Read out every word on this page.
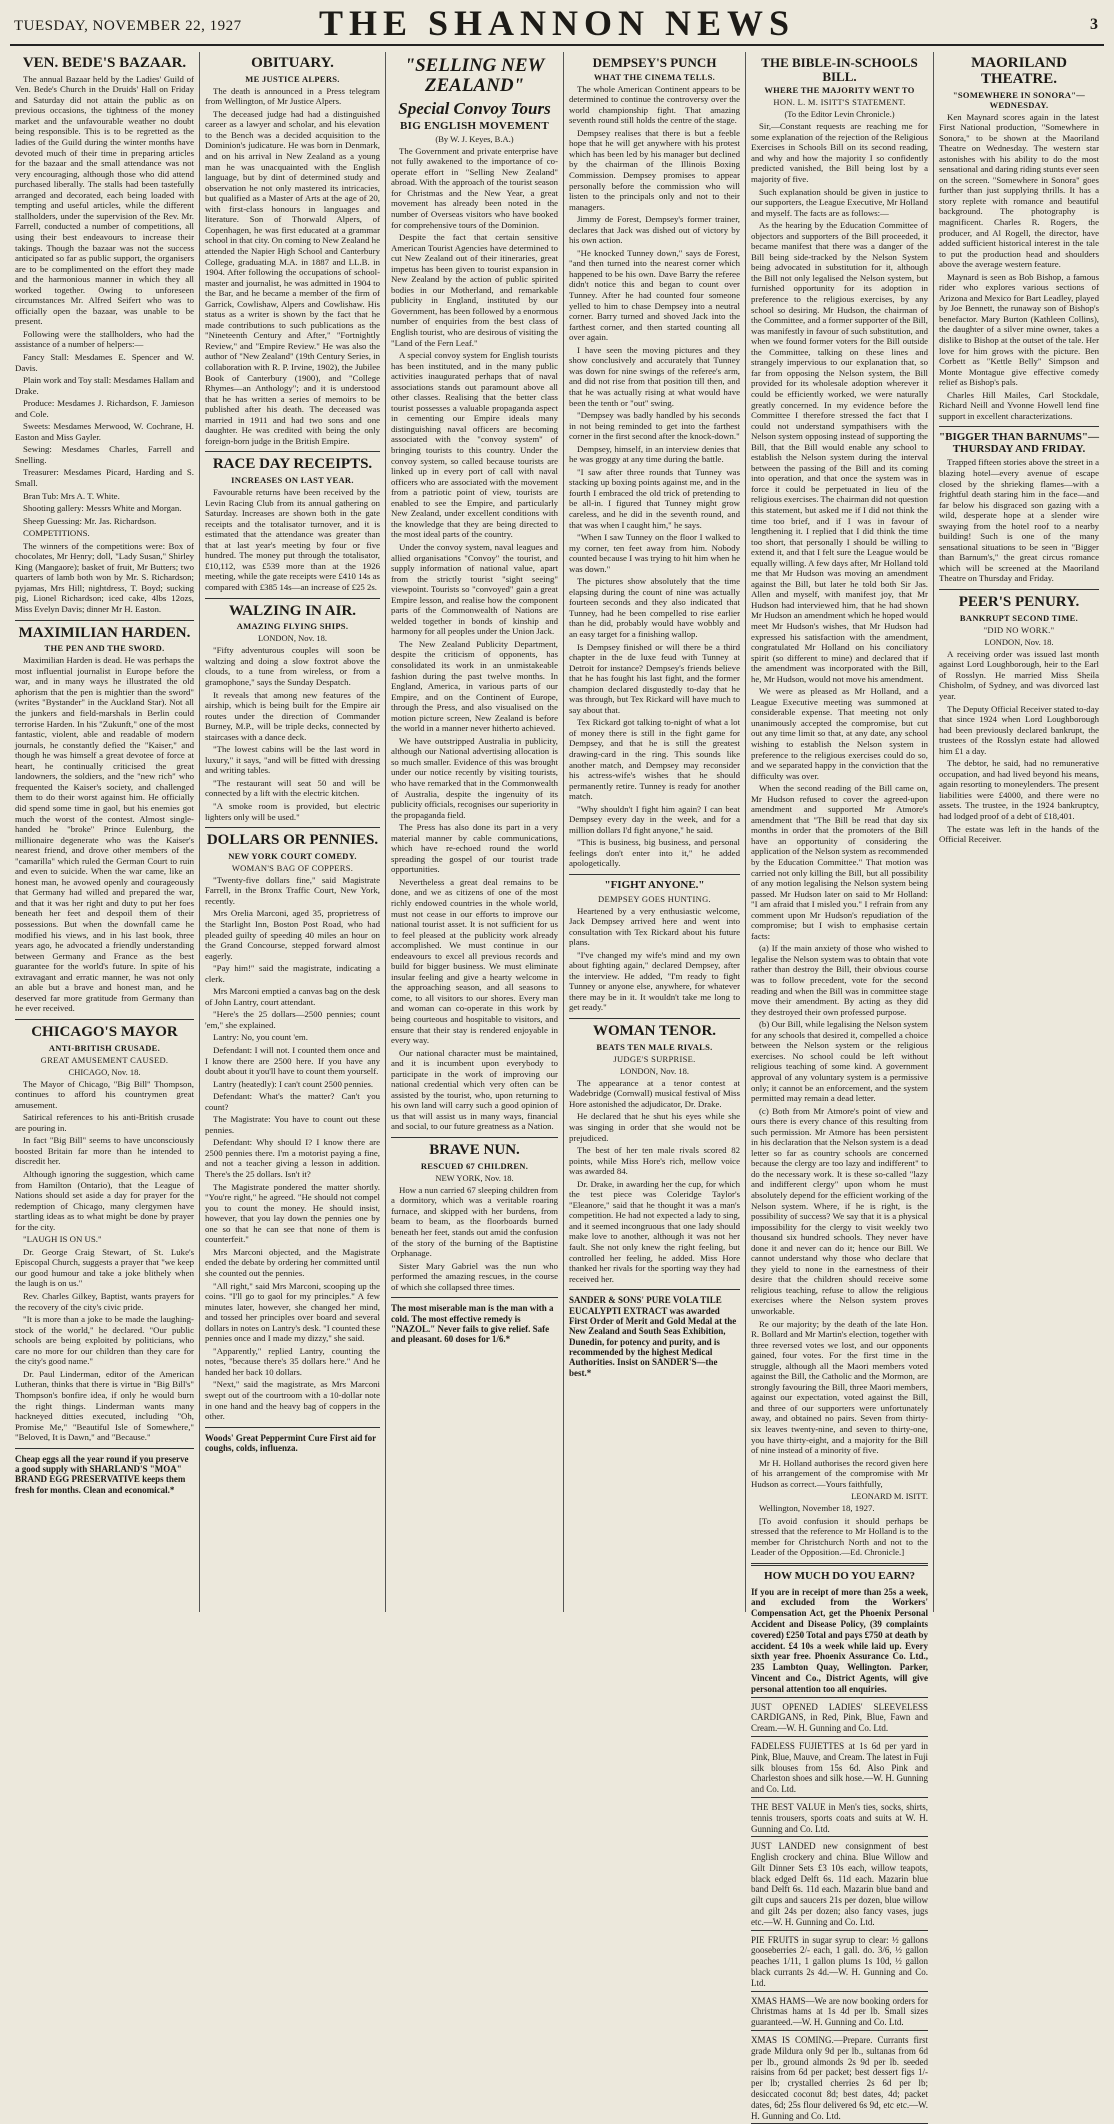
TUESDAY, NOVEMBER 22, 1927	THE SHANNON NEWS	3
VEN. BEDE'S BAZAAR.

The annual Bazaar held by the Ladies' Guild of Ven. Bede's Church in the Druids' Hall on Friday and Saturday did not attain the public as on previous occasions, the tightness of the money market and the unfavourable weather no doubt being responsible. This is to be regretted as the ladies of the Guild during the winter months have devoted much of their time in preparing articles for the bazaar and the small attendance was not very encouraging, although those who did attend purchased liberally. The stalls had been tastefully arranged and decorated, each being loaded with tempting and useful articles, while the different stallholders, under the supervision of the Rev. Mr. Farrell, conducted a number of competitions, all using their best endeavours to increase their takings. Though the bazaar was not the success anticipated so far as public support, the organisers are to be complimented on the effort they made and the harmonious manner in which they all worked together. Owing to unforeseen circumstances Mr. Alfred Seifert who was to officially open the bazaar, was unable to be present.

Following were the stallholders, who had the assistance of a number of helpers:—

Fancy Stall: Mesdames E. Spencer and W. Davis.

Plain work and Toy stall: Mesdames Hallam and Drake.

Produce: Mesdames J. Richardson, F. Jamieson and Cole.

Sweets: Mesdames Merwood, W. Cochrane, H. Easton and Miss Gayler.

Sewing: Mesdames Charles, Farrell and Snelling.

Treasurer: Mesdames Picard, Harding and S. Small.

Bran Tub: Mrs A. T. White.

Shooting gallery: Messrs White and Morgan.

Sheep Guessing: Mr. Jas. Richardson.

COMPETITIONS.

The winners of the competitions were: Box of chocolates, Mr Henry; doll, "Lady Susan," Shirley King (Mangaore); basket of fruit, Mr Butters; two quarters of lamb both won by Mr. S. Richardson; pyjamas, Mrs Hill; nightdress, T. Boyd; sucking pig, Lionel Richardson; iced cake, 4lbs 12ozs, Miss Evelyn Davis; dinner Mr H. Easton.

MAXIMILIAN HARDEN.
THE PEN AND THE SWORD.

Maximilian Harden is dead. He was perhaps the most influential journalist in Europe before the war, and in many ways he illustrated the old aphorism that the pen is mightier than the sword" (writes "Bystander" in the Auckland Star). Not all the junkers and field-marshals in Berlin could terrorise Harden. In his "Zukunft," one of the most fantastic, violent, able and readable of modern journals, he constantly defied the "Kaiser," and though he was himself a great devotee of force at heart, he continually criticised the great landowners, the soldiers, and the "new rich" who frequented the Kaiser's society, and challenged them to do their worst against him. He officially did spend some time in gaol, but his enemies got much the worst of the contest. Almost single-handed he "broke" Prince Eulenburg, the millionaire degenerate who was the Kaiser's nearest friend, and drove other members of the "camarilla" which ruled the German Court to ruin and even to suicide. When the war came, like an honest man, he avowed openly and courageously that Germany had willed and prepared the war, and that it was her right and duty to put her foes beneath her feet and despoil them of their possessions. But when the downfall came he modified his views, and in his last book, three years ago, he advocated a friendly understanding between Germany and France as the best guarantee for the world's future. In spite of his extravagant and erratic manner, he was not only an able but a brave and honest man, and he deserved far more gratitude from Germany than he ever received.

CHICAGO'S MAYOR
ANTI-BRITISH CRUSADE.
GREAT AMUSEMENT CAUSED.
CHICAGO, Nov. 18.

The Mayor of Chicago, "Big Bill" Thompson, continues to afford his countrymen great amusement.

Satirical references to his anti-British crusade are pouring in.

In fact "Big Bill" seems to have unconsciously boosted Britain far more than he intended to discredit her.

Although ignoring the suggestion, which came from Hamilton (Ontario), that the League of Nations should set aside a day for prayer for the redemption of Chicago, many clergymen have startling ideas as to what might be done by prayer for the city.

"LAUGH IS ON US."

Dr. George Craig Stewart, of St. Luke's Episcopal Church, suggests a prayer that "we keep our good humour and take a joke blithely when the laugh is on us."

Rev. Charles Gilkey, Baptist, wants prayers for the recovery of the city's civic pride.

"It is more than a joke to be made the laughing-stock of the world," he declared. "Our public schools are being exploited by politicians, who care no more for our children than they care for the city's good name."

Dr. Paul Linderman, editor of the American Lutheran, thinks that there is virtue in "Big Bill's" Thompson's bonfire idea, if only he would burn the right things. Linderman wants many hackneyed ditties executed, including "Oh, Promise Me," "Beautiful Isle of Somewhere," "Beloved, It is Dawn," and "Because."

Cheap eggs all the year round if you preserve a good supply with SHARLAND'S "MOA" BRAND EGG PRESERVATIVE keeps them fresh for months. Clean and economical.*
OBITUARY.
ME JUSTICE ALPERS.

The death is announced in a Press telegram from Wellington, of Mr Justice Alpers.

The deceased judge had had a distinguished career as a lawyer and scholar, and his elevation to the Bench was a decided acquisition to the Dominion's judicature. He was born in Denmark, and on his arrival in New Zealand as a young man he was unacquainted with the English language, but by dint of determined study and observation he not only mastered its intricacies, but qualified as a Master of Arts at the age of 20, with first-class honours in languages and literature. Son of Thorwald Alpers, of Copenhagen, he was first educated at a grammar school in that city. On coming to New Zealand he attended the Napier High School and Canterbury College, graduating M.A. in 1887 and LL.B. in 1904. After following the occupations of school-master and journalist, he was admitted in 1904 to the Bar, and he became a member of the firm of Garrick, Cowlishaw, Alpers and Cowlishaw. His status as a writer is shown by the fact that he made contributions to such publications as the "Nineteenth Century and After," "Fortnightly Review," and "Empire Review." He was also the author of "New Zealand" (19th Century Series, in collaboration with R. P. Irvine, 1902), the Jubilee Book of Canterbury (1900), and "College Rhymes—an Anthology"; and it is understood that he has written a series of memoirs to be published after his death. The deceased was married in 1911 and had two sons and one daughter. He was credited with being the only foreign-born judge in the British Empire.

RACE DAY RECEIPTS.
INCREASES ON LAST YEAR.

Favourable returns have been received by the Levin Racing Club from its annual gathering on Saturday. Increases are shown both in the gate receipts and the totalisator turnover, and it is estimated that the attendance was greater than that at last year's meeting by four or five hundred. The money put through the totalisator, £10,112, was £539 more than at the 1926 meeting, while the gate receipts were £410 14s as compared with £385 14s—an increase of £25 2s.

WALZING IN AIR.
AMAZING FLYING SHIPS.
LONDON, Nov. 18.

"Fifty adventurous couples will soon be waltzing and doing a slow foxtrot above the clouds, to a tune from wireless, or from a gramophone," says the Sunday Despatch.

It reveals that among new features of the airship, which is being built for the Empire air routes under the direction of Commander Burney, M.P., will be triple decks, connected by staircases with a dance deck.

"The lowest cabins will be the last word in luxury," it says, "and will be fitted with dressing and writing tables.

"The restaurant will seat 50 and will be connected by a lift with the electric kitchen.

"A smoke room is provided, but electric lighters only will be used."

DOLLARS OR PENNIES.
NEW YORK COURT COMEDY.
WOMAN'S BAG OF COPPERS.

"Twenty-five dollars fine," said Magistrate Farrell, in the Bronx Traffic Court, New York, recently.

Mrs Orelia Marconi, aged 35, proprietress of the Starlight Inn, Boston Post Road, who had pleaded guilty of speeding 40 miles an hour on the Grand Concourse, stepped forward almost eagerly.

"Pay him!" said the magistrate, indicating a clerk.

Mrs Marconi emptied a canvas bag on the desk of John Lantry, court attendant.

"Here's the 25 dollars—2500 pennies; count 'em," she explained.

Lantry: No, you count 'em.

Defendant: I will not. I counted them once and I know there are 2500 here. If you have any doubt about it you'll have to count them yourself.

Lantry (heatedly): I can't count 2500 pennies.

Defendant: What's the matter? Can't you count?

The Magistrate: You have to count out these pennies.

Defendant: Why should I? I know there are 2500 pennies there. I'm a motorist paying a fine, and not a teacher giving a lesson in addition. There's the 25 dollars. Isn't it?

The Magistrate pondered the matter shortly. "You're right," he agreed. "He should not compel you to count the money. He should insist, however, that you lay down the pennies one by one so that he can see that none of them is counterfeit."

Mrs Marconi objected, and the Magistrate ended the debate by ordering her committed until she counted out the pennies.

"All right," said Mrs Marconi, scooping up the coins. "I'll go to gaol for my principles." A few minutes later, however, she changed her mind, and tossed her principles over board and several dollars in notes on Lantry's desk. "I counted these pennies once and I made my dizzy," she said.

"Apparently," replied Lantry, counting the notes, "because there's 35 dollars here." And he handed her back 10 dollars.

"Next," said the magistrate, as Mrs Marconi swept out of the courtroom with a 10-dollar note in one hand and the heavy bag of coppers in the other.

Woods' Great Peppermint Cure First aid for coughs, colds, influenza.
"SELLING NEW ZEALAND"
Special Convoy Tours
BIG ENGLISH MOVEMENT
(By W. J. Keyes, B.A.)

The Government and private enterprise have not fully awakened to the importance of co-operate effort in "Selling New Zealand" abroad. With the approach of the tourist season for Christmas and the New Year, a great movement has already been noted in the number of Overseas visitors who have booked for comprehensive tours of the Dominion.

Despite the fact that certain sensitive American Tourist Agencies have determined to cut New Zealand out of their itineraries, great impetus has been given to tourist expansion in New Zealand by the action of public spirited bodies in our Motherland, and remarkable publicity in England, instituted by our Government, has been followed by a enormous number of enquiries from the best class of English tourist, who are desirous of visiting the "Land of the Fern Leaf."

A special convoy system for English tourists has been instituted, and in the many public activities inaugurated perhaps that of naval associations stands out paramount above all other classes. Realising that the better class tourist possesses a valuable propaganda aspect in cementing our Empire ideals many distinguishing naval officers are becoming associated with the "convoy system" of bringing tourists to this country. Under the convoy system, so called because tourists are linked up in every port of call with naval officers who are associated with the movement from a patriotic point of view, tourists are enabled to see the Empire, and particularly New Zealand, under excellent conditions with the knowledge that they are being directed to the most ideal parts of the country.

Under the convoy system, naval leagues and allied organisations "Convoy" the tourist, and supply information of national value, apart from the strictly tourist "sight seeing" viewpoint. Tourists so "convoyed" gain a great Empire lesson, and realise how the component parts of the Commonwealth of Nations are welded together in bonds of kinship and harmony for all peoples under the Union Jack.

The New Zealand Publicity Department, despite the criticism of opponents, has consolidated its work in an unmistakeable fashion during the past twelve months. In England, America, in various parts of our Empire, and on the Continent of Europe, through the Press, and also visualised on the motion picture screen, New Zealand is before the world in a manner never hitherto achieved.

We have outstripped Australia in publicity, although our National advertising allocation is so much smaller. Evidence of this was brought under our notice recently by visiting tourists, who have remarked that in the Commonwealth of Australia, despite the ingenuity of its publicity officials, recognises our superiority in the propaganda field.

The Press has also done its part in a very material manner by cable communications, which have re-echoed round the world spreading the gospel of our tourist trade opportunities.

Nevertheless a great deal remains to be done, and we as citizens of one of the most richly endowed countries in the whole world, must not cease in our efforts to improve our national tourist asset. It is not sufficient for us to feel pleased at the publicity work already accomplished. We must continue in our endeavours to excel all previous records and build for bigger business. We must eliminate insular feeling and give a hearty welcome in the approaching season, and all seasons to come, to all visitors to our shores. Every man and woman can co-operate in this work by being courteous and hospitable to visitors, and ensure that their stay is rendered enjoyable in every way.

Our national character must be maintained, and it is incumbent upon everybody to participate in the work of improving our national credential which very often can be assisted by the tourist, who, upon returning to his own land will carry such a good opinion of us that will assist us in many ways, financial and social, to our future greatness as a Nation.

BRAVE NUN.
RESCUED 67 CHILDREN.
NEW YORK, Nov. 18.

How a nun carried 67 sleeping children from a dormitory, which was a veritable roaring furnace, and skipped with her burdens, from beam to beam, as the floorboards burned beneath her feet, stands out amid the confusion of the story of the burning of the Baptistine Orphanage.

Sister Mary Gabriel was the nun who performed the amazing rescues, in the course of which she collapsed three times.

The most miserable man is the man with a cold. The most effective remedy is "NAZOL." Never fails to give relief. Safe and pleasant. 60 doses for 1/6.*
DEMPSEY'S PUNCH
WHAT THE CINEMA TELLS.

The whole American Continent appears to be determined to continue the controversy over the world championship fight. That amazing seventh round still holds the centre of the stage.

Dempsey realises that there is but a feeble hope that he will get anywhere with his protest which has been led by his manager but declined by the chairman of the Illinois Boxing Commission. Dempsey promises to appear personally before the commission who will listen to the principals only and not to their managers.

Jimmy de Forest, Dempsey's former trainer, declares that Jack was dished out of victory by his own action.

"He knocked Tunney down," says de Forest, "and then turned into the nearest corner which happened to be his own. Dave Barry the referee didn't notice this and began to count over Tunney. After he had counted four someone yelled to him to chase Dempsey into a neutral corner. Barry turned and shoved Jack into the farthest corner, and then started counting all over again.

I have seen the moving pictures and they show conclusively and accurately that Tunney was down for nine swings of the referee's arm, and did not rise from that position till then, and that he was actually rising at what would have been the tenth or "out" swing.

"Dempsey was badly handled by his seconds in not being reminded to get into the farthest corner in the first second after the knock-down."

Dempsey, himself, in an interview denies that he was groggy at any time during the battle.

"I saw after three rounds that Tunney was stacking up boxing points against me, and in the fourth I embraced the old trick of pretending to be all-in. I figured that Tunney might grow careless, and he did in the seventh round, and that was when I caught him," he says.

"When I saw Tunney on the floor I walked to my corner, ten feet away from him. Nobody counted because I was trying to hit him when he was down."

The pictures show absolutely that the time elapsing during the count of nine was actually fourteen seconds and they also indicated that Tunney, had he been compelled to rise earlier than he did, probably would have wobbly and an easy target for a finishing wallop.

Is Dempsey finished or will there be a third chapter in the de luxe feud with Tunney at Detroit for instance? Dempsey's friends believe that he has fought his last fight, and the former champion declared disgustedly to-day that he was through, but Tex Rickard will have much to say about that.

Tex Rickard got talking to-night of what a lot of money there is still in the fight game for Dempsey, and that he is still the greatest drawing-card in the ring. This sounds like another match, and Dempsey may reconsider his actress-wife's wishes that he should permanently retire. Tunney is ready for another match.

"Why shouldn't I fight him again? I can beat Dempsey every day in the week, and for a million dollars I'd fight anyone," he said.

"This is business, big business, and personal feelings don't enter into it," he added apologetically.

"FIGHT ANYONE."
DEMPSEY GOES HUNTING.

Heartened by a very enthusiastic welcome, Jack Dempsey arrived here and went into consultation with Tex Rickard about his future plans.

"I've changed my wife's mind and my own about fighting again," declared Dempsey, after the interview. He added, "I'm ready to fight Tunney or anyone else, anywhere, for whatever there may be in it. It wouldn't take me long to get ready."

WOMAN TENOR.
BEATS TEN MALE RIVALS.
JUDGE'S SURPRISE.
LONDON, Nov. 18.

The appearance at a tenor contest at Wadebridge (Cornwall) musical festival of Miss Hore astonished the adjudicator, Dr. Drake.

He declared that he shut his eyes while she was singing in order that she would not be prejudiced.

The best of her ten male rivals scored 82 points, while Miss Hore's rich, mellow voice was awarded 84.

Dr. Drake, in awarding her the cup, for which the test piece was Coleridge Taylor's "Eleanore," said that he thought it was a man's competition. He had not expected a lady to sing, and it seemed incongruous that one lady should make love to another, although it was not her fault. She not only knew the right feeling, but controlled her feeling, he added. Miss Hore thanked her rivals for the sporting way they had received her.

SANDER & SONS' PURE VOLA TILE EUCALYPTI EXTRACT was awarded First Order of Merit and Gold Medal at the New Zealand and South Seas Exhibition, Dunedin, for potency and purity, and is recommended by the highest Medical Authorities. Insist on SANDER'S—the best.*
THE BIBLE-IN-SCHOOLS BILL.
WHERE THE MAJORITY WENT TO
HON. L. M. ISITT'S STATEMENT.
(To the Editor Levin Chronicle.)

Sir,—Constant requests are reaching me for some explanation of the rejection of the Religious Exercises in Schools Bill on its second reading, and why and how the majority I so confidently predicted vanished, the Bill being lost by a majority of five.

Such explanation should be given in justice to our supporters, the League Executive, Mr Holland and myself. The facts are as follows:—

As the hearing by the Education Committee of objectors and supporters of the Bill proceeded, it became manifest that there was a danger of the Bill being side-tracked by the Nelson System being advocated in substitution for it, although the Bill not only legalised the Nelson system, but furnished opportunity for its adoption in preference to the religious exercises, by any school so desiring. Mr Hudson, the chairman of the Committee, and a former supporter of the Bill, was manifestly in favour of such substitution, and when we found former voters for the Bill outside the Committee, talking on these lines and strangely impervious to our explanation that, so far from opposing the Nelson system, the Bill provided for its wholesale adoption wherever it could be efficiently worked, we were naturally greatly concerned. In my evidence before the Committee I therefore stressed the fact that I could not understand sympathisers with the Nelson system opposing instead of supporting the Bill, that the Bill would enable any school to establish the Nelson system during the interval between the passing of the Bill and its coming into operation, and that once the system was in force it could be perpetuated in lieu of the religious exercises. The chairman did not question this statement, but asked me if I did not think the time too brief, and if I was in favour of lengthening it. I replied that I did think the time too short, that personally I should be willing to extend it, and that I felt sure the League would be equally willing. A few days after, Mr Holland told me that Mr Hudson was moving an amendment against the Bill, but later he told both Sir Jas. Allen and myself, with manifest joy, that Mr Hudson had interviewed him, that he had shown Mr Hudson an amendment which he hoped would meet Mr Hudson's wishes, that Mr Hudson had expressed his satisfaction with the amendment, congratulated Mr Holland on his conciliatory spirit (so different to mine) and declared that if the amendment was incorporated with the Bill, he, Mr Hudson, would not move his amendment.

We were as pleased as Mr Holland, and a League Executive meeting was summoned at considerable expense. That meeting not only unanimously accepted the compromise, but cut out any time limit so that, at any date, any school wishing to establish the Nelson system in preference to the religious exercises could do so, and we separated happy in the conviction that the difficulty was over.

When the second reading of the Bill came on, Mr Hudson refused to cover the agreed-upon amendment and supported Mr Atmore's amendment that "The Bill be read that day six months in order that the promoters of the Bill have an opportunity of considering the application of the Nelson system as recommended by the Education Committee." That motion was carried not only killing the Bill, but all possibility of any motion legalising the Nelson system being passed. Mr Hudson later on said to Mr Holland: "I am afraid that I misled you." I refrain from any comment upon Mr Hudson's repudiation of the compromise; but I wish to emphasise certain facts:

(a) If the main anxiety of those who wished to legalise the Nelson system was to obtain that vote rather than destroy the Bill, their obvious course was to follow precedent, vote for the second reading and when the Bill was in committee stage move their amendment. By acting as they did they destroyed their own professed purpose.

(b) Our Bill, while legalising the Nelson system for any schools that desired it, compelled a choice between the Nelson system or the religious exercises. No school could be left without religious teaching of some kind. A government approval of any voluntary system is a permissive only; it cannot be an enforcement, and the system permitted may remain a dead letter.

(c) Both from Mr Atmore's point of view and ours there is every chance of this resulting from such permission. Mr Atmore has been persistent in his declaration that the Nelson system is a dead letter so far as country schools are concerned because the clergy are too lazy and indifferent" to do the necessary work. It is these so-called "lazy and indifferent clergy" upon whom he must absolutely depend for the efficient working of the Nelson system. Where, if he is right, is the possibility of success? We say that it is a physical impossibility for the clergy to visit weekly two thousand six hundred schools. They never have done it and never can do it; hence our Bill. We cannot understand why those who declare that they yield to none in the earnestness of their desire that the children should receive some religious teaching, refuse to allow the religious exercises where the Nelson system proves unworkable.

Re our majority; by the death of the late Hon. R. Bollard and Mr Martin's election, together with three reversed votes we lost, and our opponents gained, four votes. For the first time in the struggle, although all the Maori members voted against the Bill, the Catholic and the Mormon, are strongly favouring the Bill, three Maori members, against our expectation, voted against the Bill, and three of our supporters were unfortunately away, and obtained no pairs. Seven from thirty-six leaves twenty-nine, and seven to thirty-one, you have thirty-eight, and a majority for the Bill of nine instead of a minority of five.

Mr H. Holland authorises the record given here of his arrangement of the compromise with Mr Hudson as correct.—Yours faithfully,

LEONARD M. ISITT.
Wellington, November 18, 1927.
[To avoid confusion it should perhaps be stressed that the reference to Mr Holland is to the member for Christchurch North and not to the Leader of the Opposition.—Ed. Chronicle.]
HOW MUCH DO YOU EARN?
If you are in receipt of more than 25s a week, and excluded from the Workers' Compensation Act, get the Phoenix Personal Accident and Disease Policy, (39 complaints covered) £250 Total and pays £750 at death by accident. £4 10s a week while laid up. Every sixth year free. Phoenix Assurance Co. Ltd., 235 Lambton Quay, Wellington. Parker, Vincent and Co., District Agents, will give personal attention too all enquiries.
JUST OPENED LADIES' SLEEVELESS CARDIGANS, in Red, Pink, Blue, Fawn and Cream.—W. H. Gunning and Co. Ltd.
FADELESS FUJIETTES at 1s 6d per yard in Pink, Blue, Mauve, and Cream. The latest in Fuji silk blouses from 15s 6d. Also Pink and Charleston shoes and silk hose.—W. H. Gunning and Co. Ltd.
THE BEST VALUE in Men's ties, socks, shirts, tennis trousers, sports coats and suits at W. H. Gunning and Co. Ltd.
JUST LANDED new consignment of best English crockery and china. Blue Willow and Gilt Dinner Sets £3 10s each, willow teapots, black edged Delft 6s. 11d each. Mazarin blue band Delft 6s. 11d each. Mazarin blue band and gilt cups and saucers 21s per dozen, blue willow and gilt 24s per dozen; also fancy vases, jugs etc.—W. H. Gunning and Co. Ltd.
PIE FRUITS in sugar syrup to clear: ½ gallons gooseberries 2/- each, 1 gall. do. 3/6, ½ gallon peaches 1/11, 1 gallon plums 1s 10d, ½ gallon black currants 2s 4d.—W. H. Gunning and Co. Ltd.
XMAS HAMS—We are now booking orders for Christmas hams at 1s 4d per lb. Small sizes guaranteed.—W. H. Gunning and Co. Ltd.
XMAS IS COMING.—Prepare. Currants first grade Mildura only 9d per lb., sultanas from 6d per lb., ground almonds 2s 9d per lb. seeded raisins from 6d per packet; best dessert figs 1/- per lb; crystalled cherries 2s 6d per lb; desiccated coconut 8d; best dates, 4d; packet dates, 6d; 25s flour delivered 6s 9d, etc etc.—W. H. Gunning and Co. Ltd.
MAORILAND THEATRE.
"SOMEWHERE IN SONORA"— WEDNESDAY.

Ken Maynard scores again in the latest First National production, "Somewhere in Sonora," to be shown at the Maoriland Theatre on Wednesday. The western star astonishes with his ability to do the most sensational and daring riding stunts ever seen on the screen. "Somewhere in Sonora" goes further than just supplying thrills. It has a story replete with romance and beautiful background. The photography is magnificent. Charles R. Rogers, the producer, and Al Rogell, the director, have added sufficient historical interest in the tale to put the production head and shoulders above the average western feature.

Maynard is seen as Bob Bishop, a famous rider who explores various sections of Arizona and Mexico for Bart Leadley, played by Joe Bennett, the runaway son of Bishop's benefactor. Mary Burton (Kathleen Collins), the daughter of a silver mine owner, takes a dislike to Bishop at the outset of the tale. Her love for him grows with the picture. Ben Corbett as "Kettle Belly" Simpson and Monte Montague give effective comedy relief as Bishop's pals.

Charles Hill Mailes, Carl Stockdale, Richard Neill and Yvonne Howell lend fine support in excellent characterizations.

"BIGGER THAN BARNUMS"— THURSDAY AND FRIDAY.

Trapped fifteen stories above the street in a blazing hotel—every avenue of escape closed by the shrieking flames—with a frightful death staring him in the face—and far below his disgraced son gazing with a wild, desperate hope at a slender wire swaying from the hotel roof to a nearby building! Such is one of the many sensational situations to be seen in "Bigger than Barnum's," the great circus romance which will be screened at the Maoriland Theatre on Thursday and Friday.

PEER'S PENURY.
BANKRUPT SECOND TIME.
"DID NO WORK."
LONDON, Nov. 18.

A receiving order was issued last month against Lord Loughborough, heir to the Earl of Rosslyn. He married Miss Sheila Chisholm, of Sydney, and was divorced last year.

The Deputy Official Receiver stated to-day that since 1924 when Lord Loughborough had been previously declared bankrupt, the trustees of the Rosslyn estate had allowed him £1 a day.

The debtor, he said, had no remunerative occupation, and had lived beyond his means, again resorting to moneylenders. The present liabilities were £4000, and there were no assets. The trustee, in the 1924 bankruptcy, had lodged proof of a debt of £18,401.

The estate was left in the hands of the Official Receiver.
